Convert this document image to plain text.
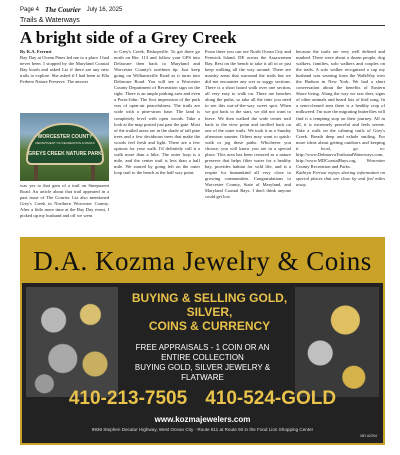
Page 4 The Courier July 16, 2025
Trails & Waterways
A bright side of a Grey Creek

By K.A. Ferrusi

Bay Day at Ocean Pines led me to a place I had never been. I stopped by the Maryland Coastal Bay booth and asked Liz if there are any new trails to explore. She asked if I had been to Ella Ferbere Nature Preserve. The answer

WORCESTER COUNTY
DEPARTMENT OF RECREATION & PARKS
GREYS CREEK NATURE PARK

was yes to that gem of a trail on Sinepuxent Road. An article about that trail appeared in a past issue of The Courier. Liz also mentioned Grey's Creek in Northern Worcester County. After a little more time at the Bay Day event, I picked up my husband and off we went

to Grey's Creek, Bishopville. To get there go north on Rte. 113 and follow your GPS into Delaware then back to Maryland and Worcester County's northern tip. Just keep going on Williamsville Road as it turns into Delaware Road. You will see a Worcester County Department of Recreation sign on the right. There is an ample parking area and even a Porta-John. The first impression of the park was of open-air peacefulness. The trails are wide with a pine-straw base. The land is completely level with open woods. Take a look at the map posted just past the gate. Most of the trailed areas are in the shade of tall pine trees and a few deciduous trees that make the woods feel fresh and light. There are a few options for your walk. I'd definitely call it a walk more than a hike. The outer loop is a mile, and the center trail is less than a half mile. We started by going left on the outer loop trail to the bench at the half way point.

From there you can see North Ocean City and Fenwick Island, DE across the Assawoman Bay. Rest on the bench to take it all in or just keep walking all the way around. There are marshy areas that surround the trails but we did not encounter any wet or soggy sections. There is a short board walk over one section, all very easy to walk on. There are benches along the paths, so take all the time you need to see this out-of-the-way sweet spot. When we got back to the start, we did not want to leave. We then walked the wide center trail back to the view point and strolled back on one of the outer trails. We took it as a Sunday afternoon saunter. Others may want to quick-walk or jog these paths. Whichever you choose, you will know you are in a special place. This area has been restored as a nature preserve that helps filter water for a healthy bay, provides habitat for wild life, and is a respite for humankind all very close to growing communities. Congratulations to Worcester County, State of Maryland, and Maryland Coastal Bays. I don't think anyone could get lost

because the trails are very well defined and marked. There were about a dozen people, dog walkers, families, solo walkers and couples on the trails. A solo walker recognized a cap my husband was wearing from the WalkWay over the Hudson in New York. We had a short conversation about the benefits of Eastern Shore living. Along the way we saw deer, signs of other animals and heard lots of bird song. In a semi-cleared area there is a healthy crop of milkweed. I'm sure the migrating butterflies will find it a tempting stop on their journey. All in all, it is extremely peaceful and feels serene. Take a walk on the calming trails of Grey's Creek. Breath deep and exhale smiling. For more ideas about getting outdoors and keeping it local, go to: http://www.DelmarvaTrailsandWaterways.com, http://www.MDCoastalBays.org, Worcester County Recreation and Parks.

Kathryn Ferrusi enjoys sharing information on special places that are close by and feel miles away.

D.A. Kozma Jewelry & Coins
BUYING & SELLING GOLD, SILVER,
COINS & CURRENCY
FREE APPRAISALS - 1 COIN OR AN
ENTIRE COLLECTION
BUYING GOLD, SILVER JEWELRY &
FLATWARE
410-213-7505 410-524-GOLD
www.kozmajewelers.com
9936 Stephen Decatur Highway, West Ocean City · Route 611 at Route 50 in the Food Lion Shopping Center
MD #2294
